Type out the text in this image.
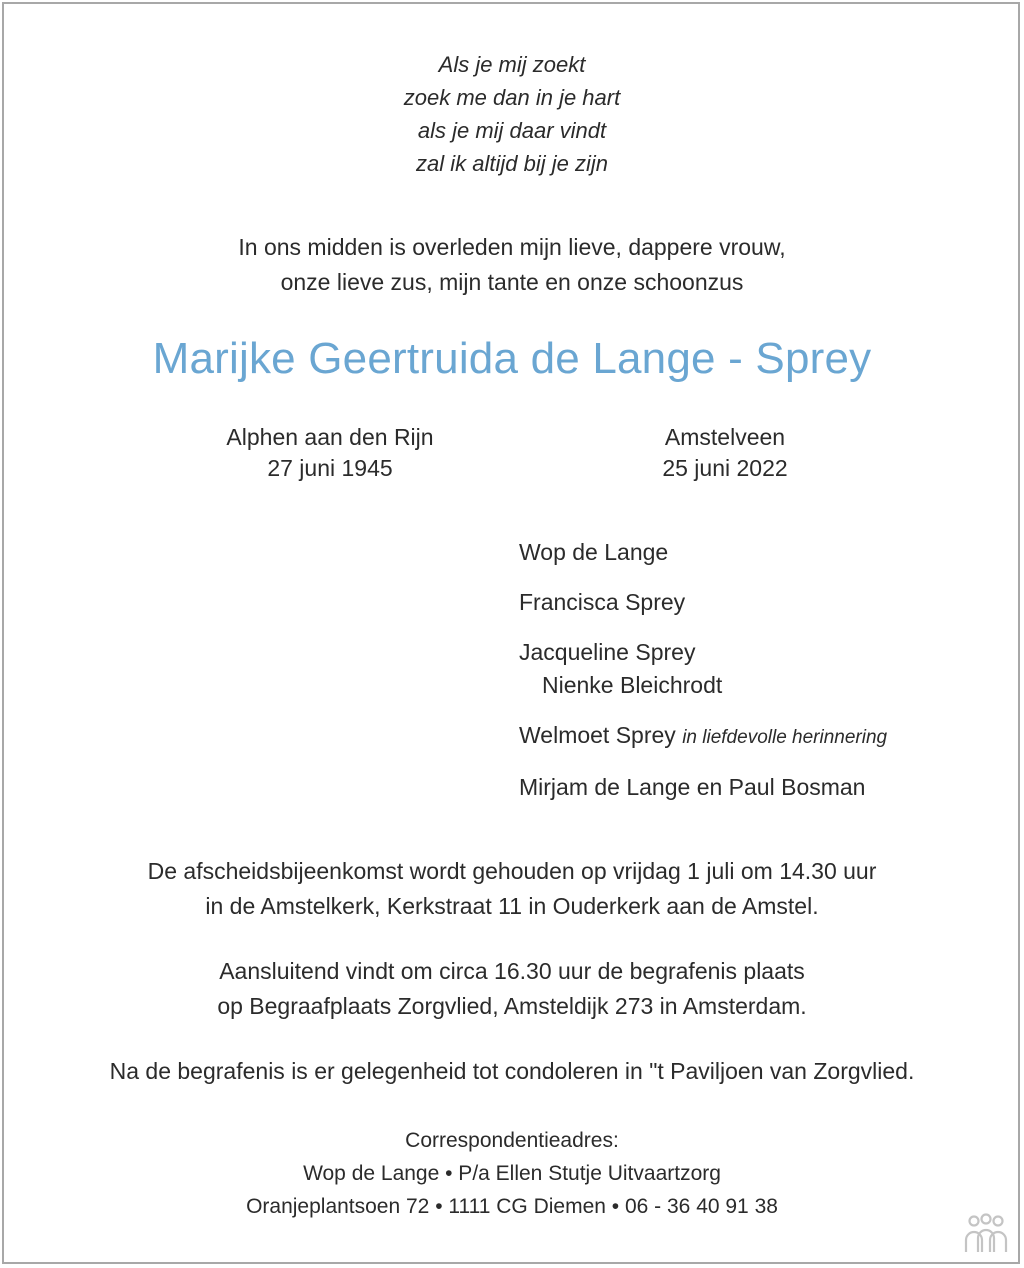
Als je mij zoekt
zoek me dan in je hart
als je mij daar vindt
zal ik altijd bij je zijn
In ons midden is overleden mijn lieve, dappere vrouw,
onze lieve zus, mijn tante en onze schoonzus
Marijke Geertruida de Lange - Sprey
Alphen aan den Rijn
27 juni 1945
Amstelveen
25 juni 2022
Wop de Lange
Francisca Sprey
Jacqueline Sprey
Nienke Bleichrodt
Welmoet Sprey in liefdevolle herinnering
Mirjam de Lange en Paul Bosman
De afscheidsbijeenkomst wordt gehouden op vrijdag 1 juli om 14.30 uur
in de Amstelkerk, Kerkstraat 11 in Ouderkerk aan de Amstel.
Aansluitend vindt om circa 16.30 uur de begrafenis plaats
op Begraafplaats Zorgvlied, Amsteldijk 273 in Amsterdam.
Na de begrafenis is er gelegenheid tot condoleren in "t Paviljoen van Zorgvlied.
Correspondentieadres:
Wop de Lange • P/a Ellen Stutje Uitvaartzorg
Oranjeplantsoen 72 • 1111 CG Diemen • 06 - 36 40 91 38
